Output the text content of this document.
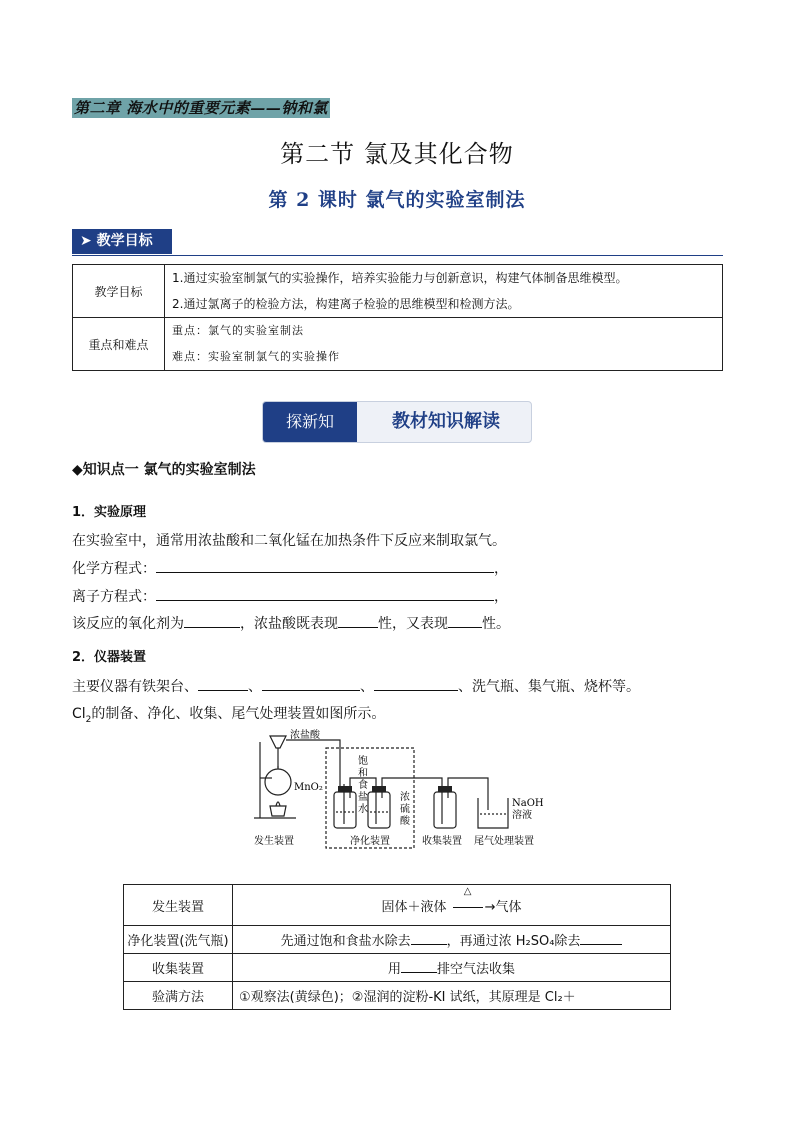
第二章 海水中的重要元素——钠和氯
第二节 氯及其化合物
第 2 课时 氯气的实验室制法
➤ 教学目标
教学目标	1.通过实验室制氯气的实验操作，培养实验能力与创新意识，构建气体制备思维模型。
2.通过氯离子的检验方法，构建离子检验的思维模型和检测方法。

重点和难点	重点：氯气的实验室制法
难点：实验室制氯气的实验操作
探新知	教材知识解读
◆知识点一 氯气的实验室制法
1．实验原理
在实验室中，通常用浓盐酸和二氧化锰在加热条件下反应来制取氯气。
化学方程式：	，
离子方程式：	，
该反应的氧化剂为	，浓盐酸既表现	性，又表现 性。
2．仪器装置
主要仪器有铁架台、	、	、	、洗气瓶、集气瓶、烧杯等。
$Cl_2$的制备、净化、收集、尾气处理装置如图所示。
浓盐酸
MnO₂
饱
和
食
盐
水
浓
硫
酸
NaOH
溶液
发生装置	净化装置	收集装置 尾气处理装置
发生装置	固体＋液体
△
→气体
净化装置(洗气瓶)	先通过饱和食盐水除去 ，再通过浓 H₂SO₄除去
收集装置	用 排空气法收集
验满方法	①观察法(黄绿色)；②湿润的淀粉-KI 试纸，其原理是 Cl₂＋
